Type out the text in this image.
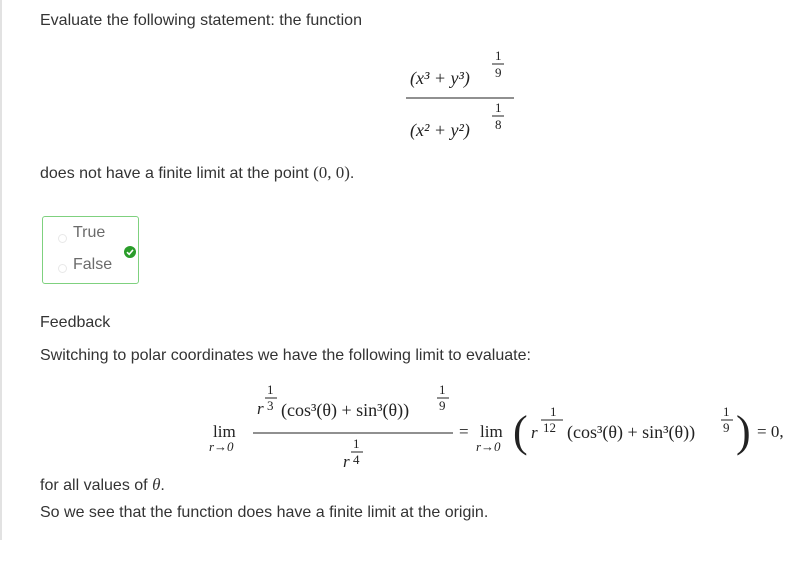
Evaluate the following statement: the function
(x³ + y³)
1
9
(x² + y²)
1
8
does not have a finite limit at the point (0, 0).
True
False
Feedback
Switching to polar coordinates we have the following limit to evaluate:
lim
r→0
r
1
3 (cos³(θ) + sin³(θ))
1
9
1
4
r
= lim
r→0 ( r
1
12 (cos³(θ) + sin³(θ))
1
9 ) = 0,
for all values of θ.
So we see that the function does have a finite limit at the origin.
